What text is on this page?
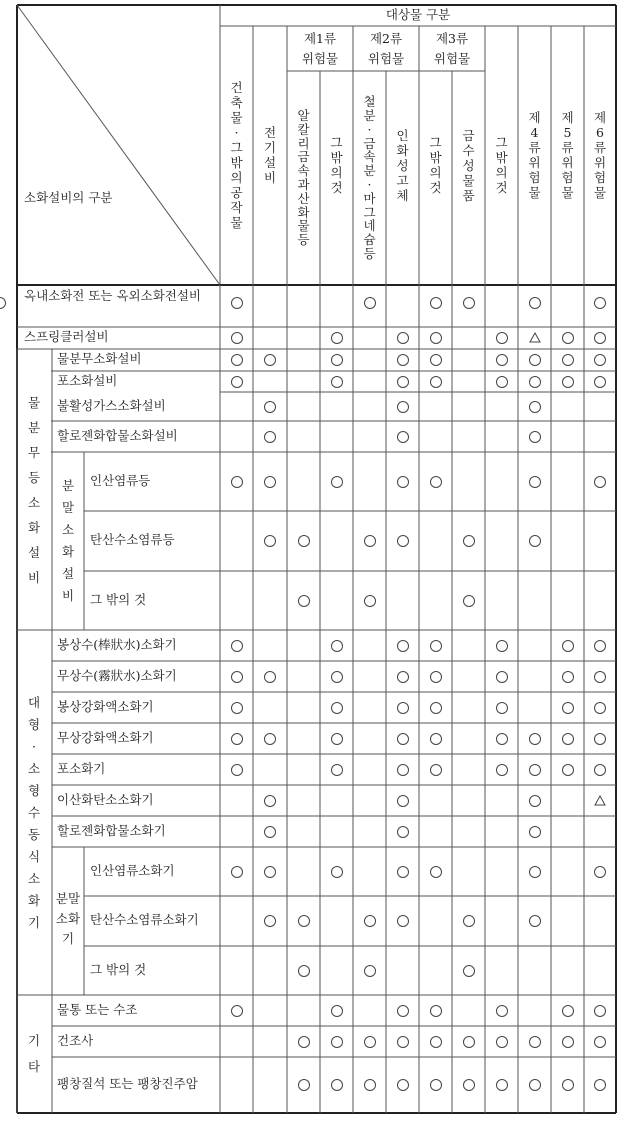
대상물 구분
소화설비의 구분
제1류
위험물
제2류
위험물
제3류
위험물
건
축
물
·
그
밖
의
공
작
물
전
기
설
비
알
칼
리
금
속
과
산
화
물
등
그
밖
의
것
철
분
·
금
속
분
·
마
그
네
슘
등
인
화
성
고
체
그
밖
의
것
금
수
성
물
품
그
밖
의
것
제
4
류
위
험
물
제
5
류
위
험
물
제
6
류
위
험
물
물
분
무
등
소
화
설
비
분
말
소
화
설
비
대
형
·
소
형
수
동
식
소
화
기
분말
소화
기
기
타
옥내소화전 또는 옥외소화전설비
스프링클러설비
물분무소화설비
포소화설비
불활성가스소화설비
할로젠화합물소화설비
인산염류등
탄산수소염류등
그 밖의 것
봉상수(棒狀水)소화기
무상수(霧狀水)소화기
봉상강화액소화기
무상강화액소화기
포소화기
이산화탄소소화기
할로젠화합물소화기
인산염류소화기
탄산수소염류소화기
그 밖의 것
물통 또는 수조
건조사
팽창질석 또는 팽창진주암
